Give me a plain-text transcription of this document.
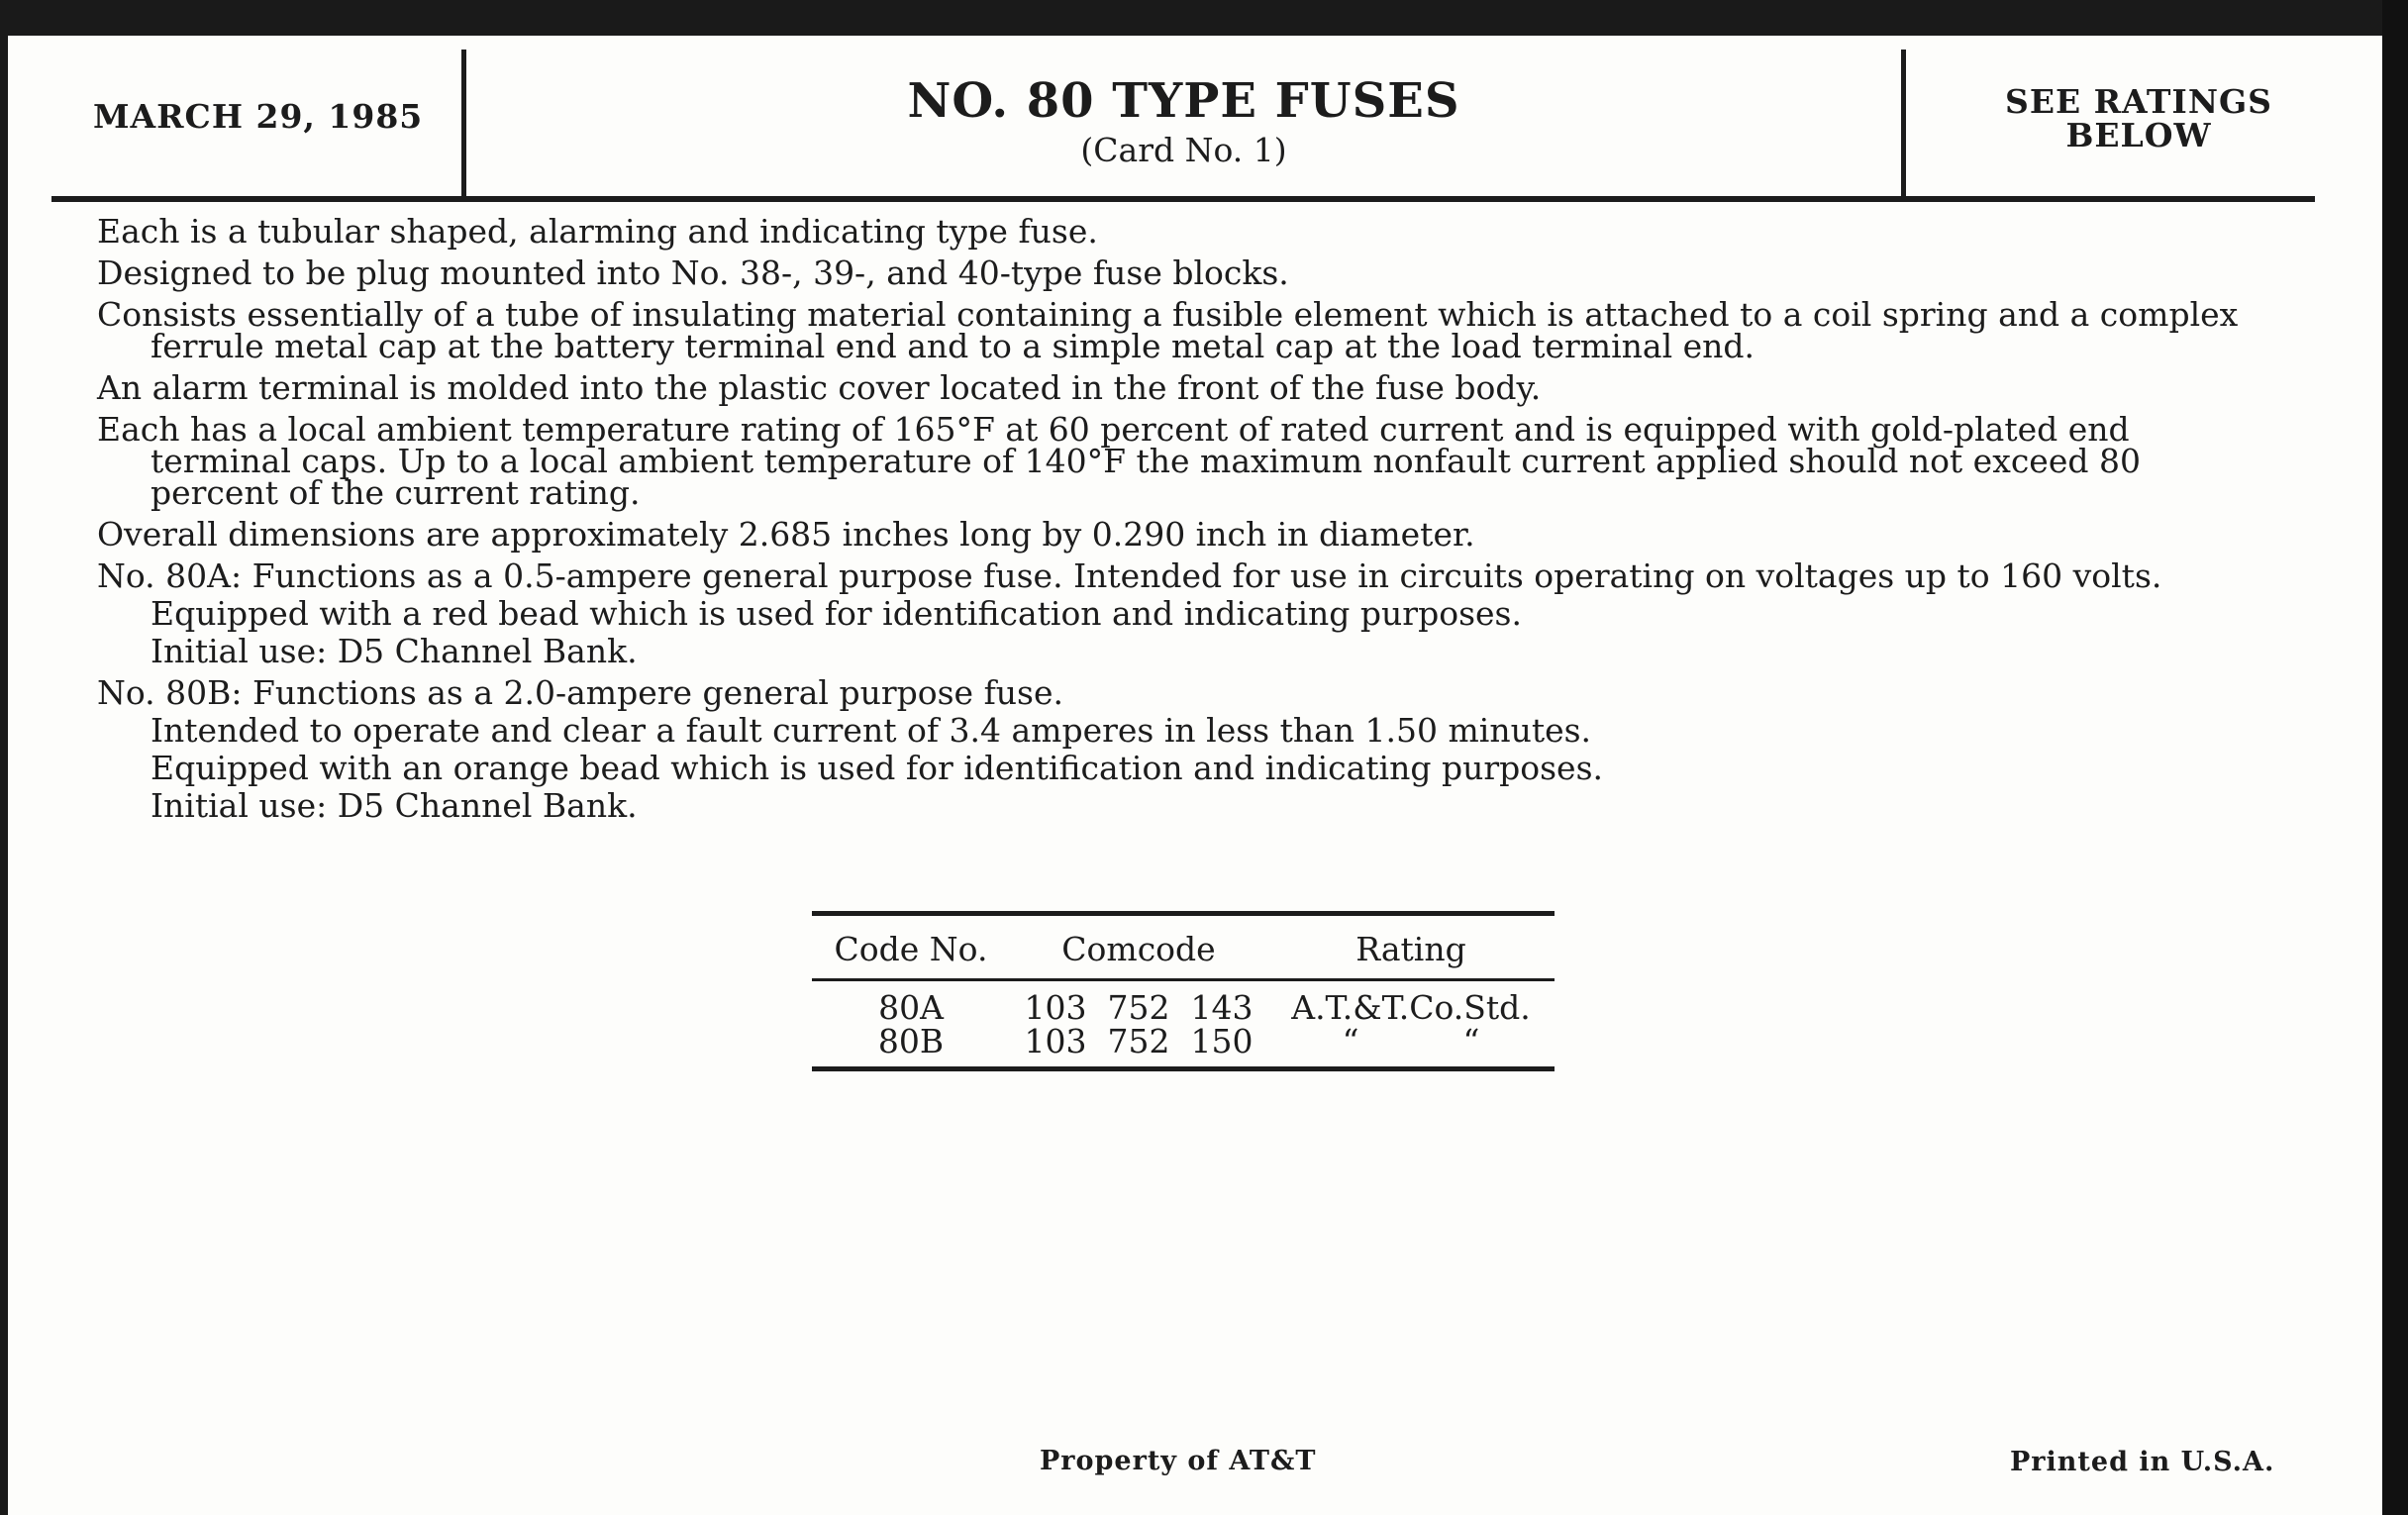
MARCH 29, 1985	NO. 80 TYPE FUSES
(Card No. 1)
SEE RATINGS
BELOW

Each is a tubular shaped, alarming and indicating type fuse.

Designed to be plug mounted into No. 38-, 39-, and 40-type fuse blocks.

Consists essentially of a tube of insulating material containing a fusible element which is attached to a coil spring and a complex ferrule metal cap at the battery terminal end and to a simple metal cap at the load terminal end.

An alarm terminal is molded into the plastic cover located in the front of the fuse body.

Each has a local ambient temperature rating of 165°F at 60 percent of rated current and is equipped with gold-plated end terminal caps. Up to a local ambient temperature of 140°F the maximum nonfault current applied should not exceed 80 percent of the current rating.

Overall dimensions are approximately 2.685 inches long by 0.290 inch in diameter.

No. 80A: Functions as a 0.5-ampere general purpose fuse. Intended for use in circuits operating on voltages up to 160 volts.

Equipped with a red bead which is used for identification and indicating purposes.

Initial use: D5 Channel Bank.

No. 80B: Functions as a 2.0-ampere general purpose fuse.

Intended to operate and clear a fault current of 3.4 amperes in less than 1.50 minutes.

Equipped with an orange bead which is used for identification and indicating purposes.

Initial use: D5 Channel Bank.

Code No.	Comcode	Rating
80A	103  752  143	A.T.&T.Co.Std.
80B	103  752  150	“          “
Property of AT&T	Printed in U.S.A.
